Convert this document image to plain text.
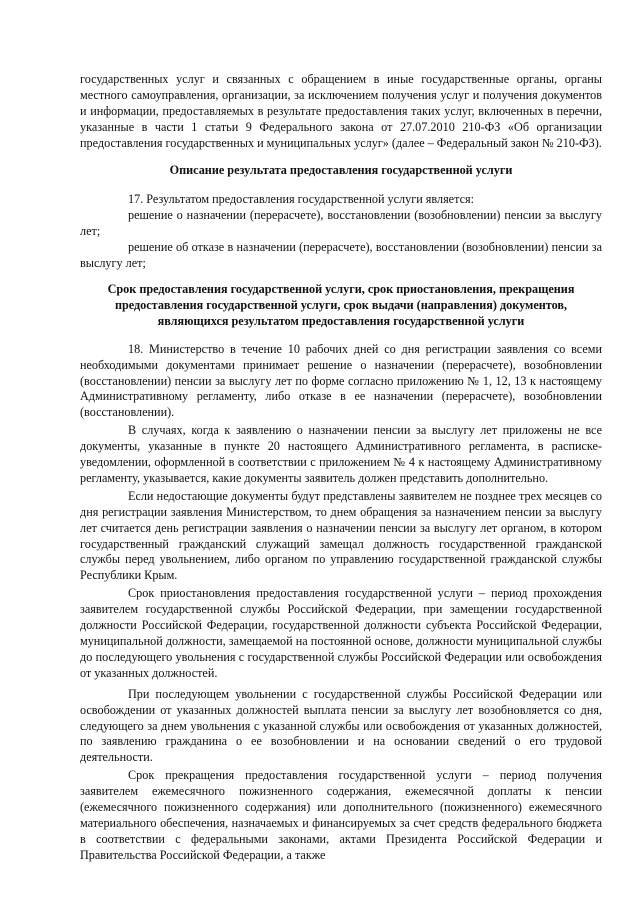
государственных услуг и связанных с обращением в иные государственные органы, органы местного самоуправления, организации, за исключением получения услуг и получения документов и информации, предоставляемых в результате предоставления таких услуг, включенных в перечни, указанные в части 1 статьи 9 Федерального закона от 27.07.2010 210-ФЗ «Об организации предоставления государственных и муниципальных услуг» (далее – Федеральный закон № 210-ФЗ).

Описание результата предоставления государственной услуги

17. Результатом предоставления государственной услуги является:

решение о назначении (перерасчете), восстановлении (возобновлении) пенсии за выслугу лет;

решение об отказе в назначении (перерасчете), восстановлении (возобновлении) пенсии за выслугу лет;

Срок предоставления государственной услуги, срок приостановления, прекращения предоставления государственной услуги, срок выдачи (направления) документов, являющихся результатом предоставления государственной услуги

18. Министерство в течение 10 рабочих дней со дня регистрации заявления со всеми необходимыми документами принимает решение о назначении (перерасчете), возобновлении (восстановлении) пенсии за выслугу лет по форме согласно приложению № 1, 12, 13 к настоящему Административному регламенту, либо отказе в ее назначении (перерасчете), возобновлении (восстановлении).

В случаях, когда к заявлению о назначении пенсии за выслугу лет приложены не все документы, указанные в пункте 20 настоящего Административного регламента, в расписке-уведомлении, оформленной в соответствии с приложением № 4 к настоящему Административному регламенту, указывается, какие документы заявитель должен представить дополнительно.

Если недостающие документы будут представлены заявителем не позднее трех месяцев со дня регистрации заявления Министерством, то днем обращения за назначением пенсии за выслугу лет считается день регистрации заявления о назначении пенсии за выслугу лет органом, в котором государственный гражданский служащий замещал должность государственной гражданской службы перед увольнением, либо органом по управлению государственной гражданской службы Республики Крым.

Срок приостановления предоставления государственной услуги – период прохождения заявителем государственной службы Российской Федерации, при замещении государственной должности Российской Федерации, государственной должности субъекта Российской Федерации, муниципальной должности, замещаемой на постоянной основе, должности муниципальной службы до последующего увольнения с государственной службы Российской Федерации или освобождения от указанных должностей.

При последующем увольнении с государственной службы Российской Федерации или освобождении от указанных должностей выплата пенсии за выслугу лет возобновляется со дня, следующего за днем увольнения с указанной службы или освобождения от указанных должностей, по заявлению гражданина о ее возобновлении и на основании сведений о его трудовой деятельности.

Срок прекращения предоставления государственной услуги – период получения заявителем ежемесячного пожизненного содержания, ежемесячной доплаты к пенсии (ежемесячного пожизненного содержания) или дополнительного (пожизненного) ежемесячного материального обеспечения, назначаемых и финансируемых за счет средств федерального бюджета в соответствии с федеральными законами, актами Президента Российской Федерации и Правительства Российской Федерации, а также
